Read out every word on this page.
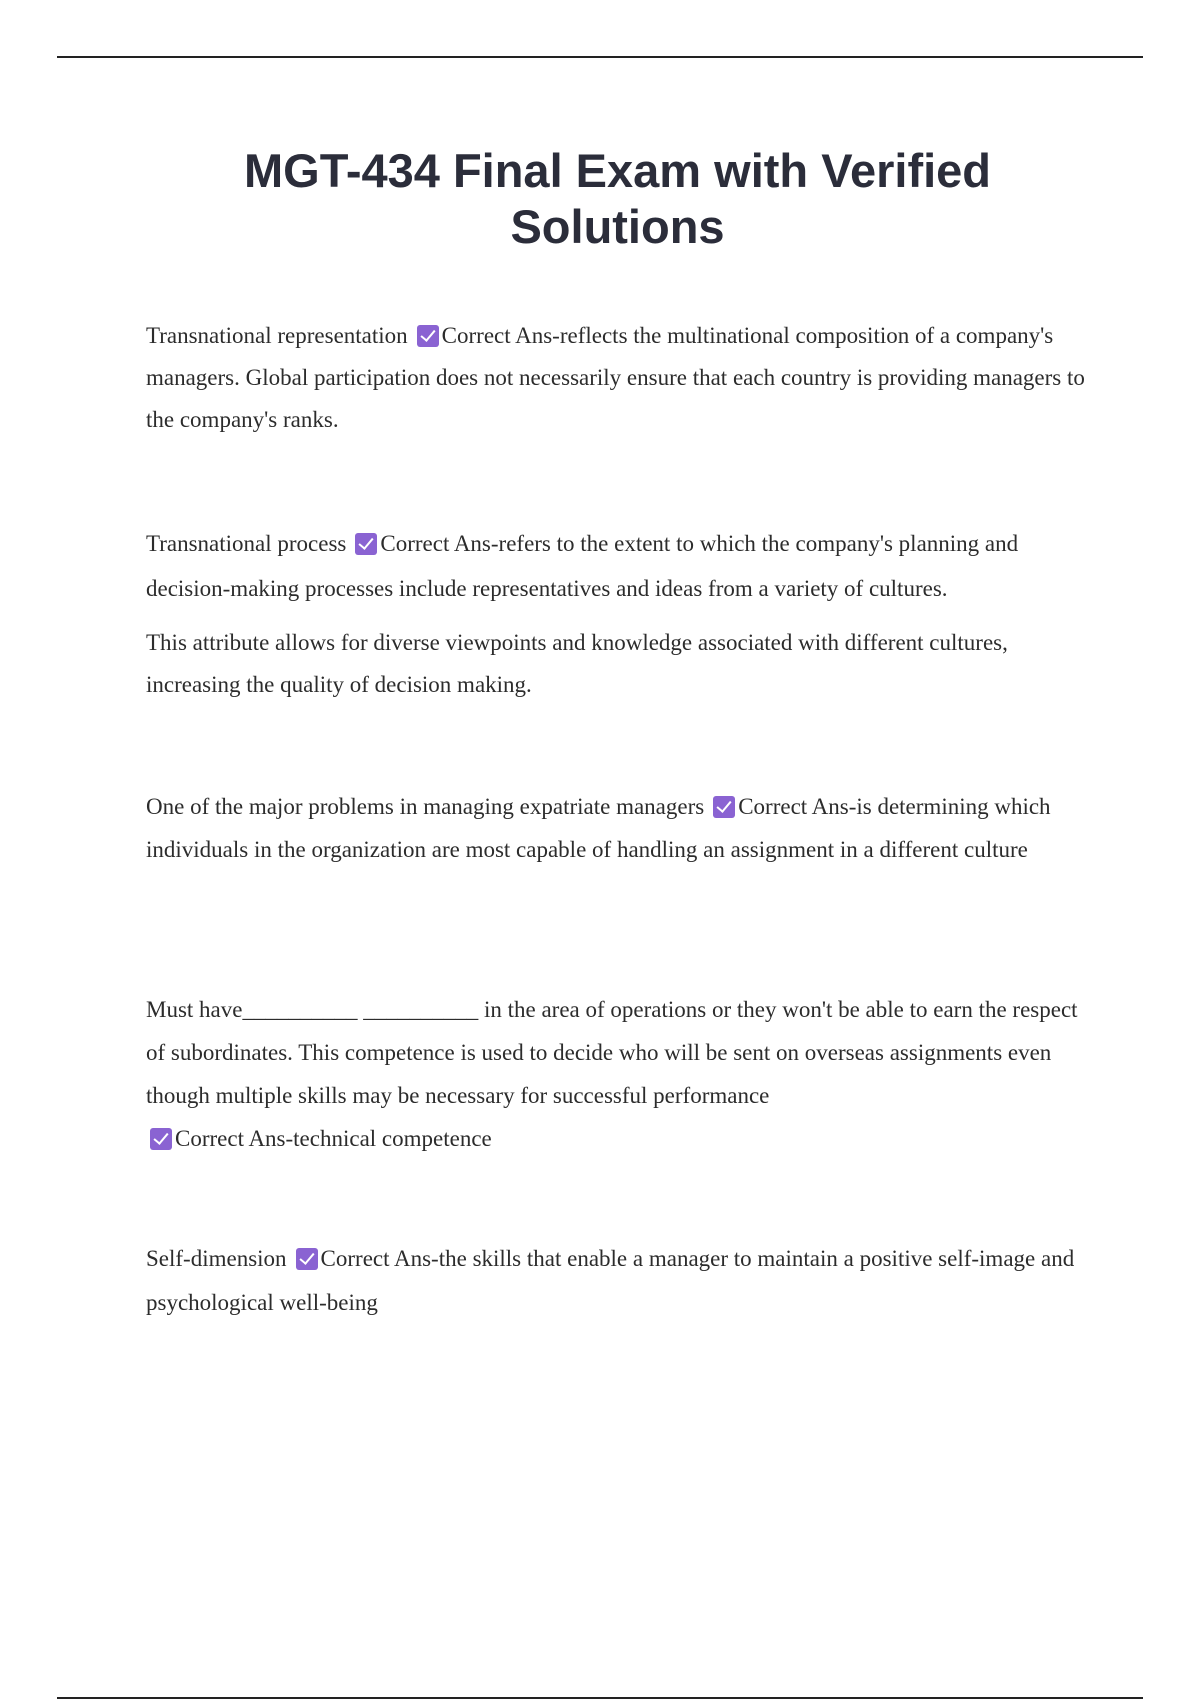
MGT-434 Final Exam with Verified Solutions

Transnational representation Correct Ans-reflects the multinational composition of a company's managers. Global participation does not necessarily ensure that each country is providing managers to the company's ranks.

Transnational process Correct Ans-refers to the extent to which the company's planning and decision-making processes include representatives and ideas from a variety of cultures.

This attribute allows for diverse viewpoints and knowledge associated with different cultures, increasing the quality of decision making.

One of the major problems in managing expatriate managers Correct Ans-is determining which individuals in the organization are most capable of handling an assignment in a different culture

Must have__________ __________ in the area of operations or they won't be able to earn the respect of subordinates. This competence is used to decide who will be sent on overseas assignments even though multiple skills may be necessary for successful performance
Correct Ans-technical competence

Self-dimension Correct Ans-the skills that enable a manager to maintain a positive self-image and psychological well-being
